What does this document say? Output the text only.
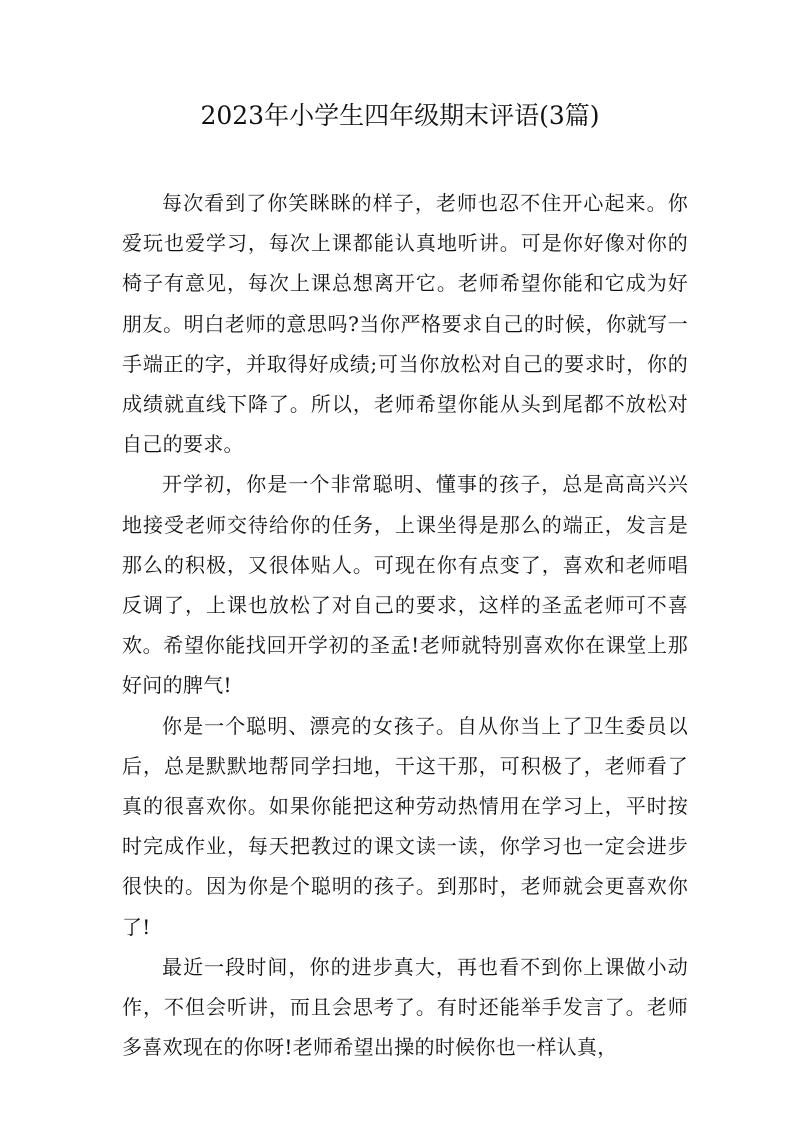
2023年小学生四年级期末评语(3篇)

每次看到了你笑眯眯的样子，老师也忍不住开心起来。你爱玩也爱学习，每次上课都能认真地听讲。可是你好像对你的椅子有意见，每次上课总想离开它。老师希望你能和它成为好朋友。明白老师的意思吗?当你严格要求自己的时候，你就写一手端正的字，并取得好成绩;可当你放松对自己的要求时，你的成绩就直线下降了。所以，老师希望你能从头到尾都不放松对自己的要求。

开学初，你是一个非常聪明、懂事的孩子，总是高高兴兴地接受老师交待给你的任务，上课坐得是那么的端正，发言是那么的积极，又很体贴人。可现在你有点变了，喜欢和老师唱反调了，上课也放松了对自己的要求，这样的圣孟老师可不喜欢。希望你能找回开学初的圣孟!老师就特别喜欢你在课堂上那好问的脾气!

你是一个聪明、漂亮的女孩子。自从你当上了卫生委员以后，总是默默地帮同学扫地，干这干那，可积极了，老师看了真的很喜欢你。如果你能把这种劳动热情用在学习上，平时按时完成作业，每天把教过的课文读一读，你学习也一定会进步很快的。因为你是个聪明的孩子。到那时，老师就会更喜欢你了!

最近一段时间，你的进步真大，再也看不到你上课做小动作，不但会听讲，而且会思考了。有时还能举手发言了。老师多喜欢现在的你呀!老师希望出操的时候你也一样认真，
